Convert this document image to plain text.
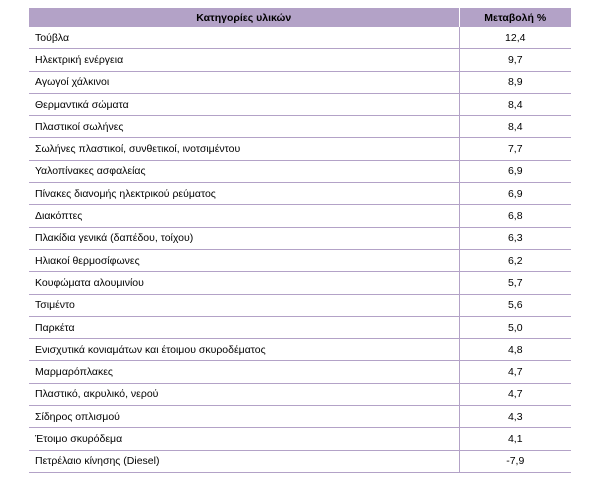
Κατηγορίες υλικών	Μεταβολή %
Τούβλα	12,4
Ηλεκτρική ενέργεια	9,7
Αγωγοί χάλκινοι	8,9
Θερμαντικά σώματα	8,4
Πλαστικοί σωλήνες	8,4
Σωλήνες πλαστικοί, συνθετικοί, ινοτσιμέντου	7,7
Υαλοπίνακες ασφαλείας	6,9
Πίνακες διανομής ηλεκτρικού ρεύματος	6,9
Διακόπτες	6,8
Πλακίδια γενικά (δαπέδου, τοίχου)	6,3
Ηλιακοί θερμοσίφωνες	6,2
Κουφώματα αλουμινίου	5,7
Τσιμέντο	5,6
Παρκέτα	5,0
Ενισχυτικά κονιαμάτων και έτοιμου σκυροδέματος	4,8
Μαρμαρόπλακες	4,7
Πλαστικό, ακρυλικό, νερού	4,7
Σίδηρος οπλισμού	4,3
Έτοιμο σκυρόδεμα	4,1
Πετρέλαιο κίνησης (Diesel)	-7,9
